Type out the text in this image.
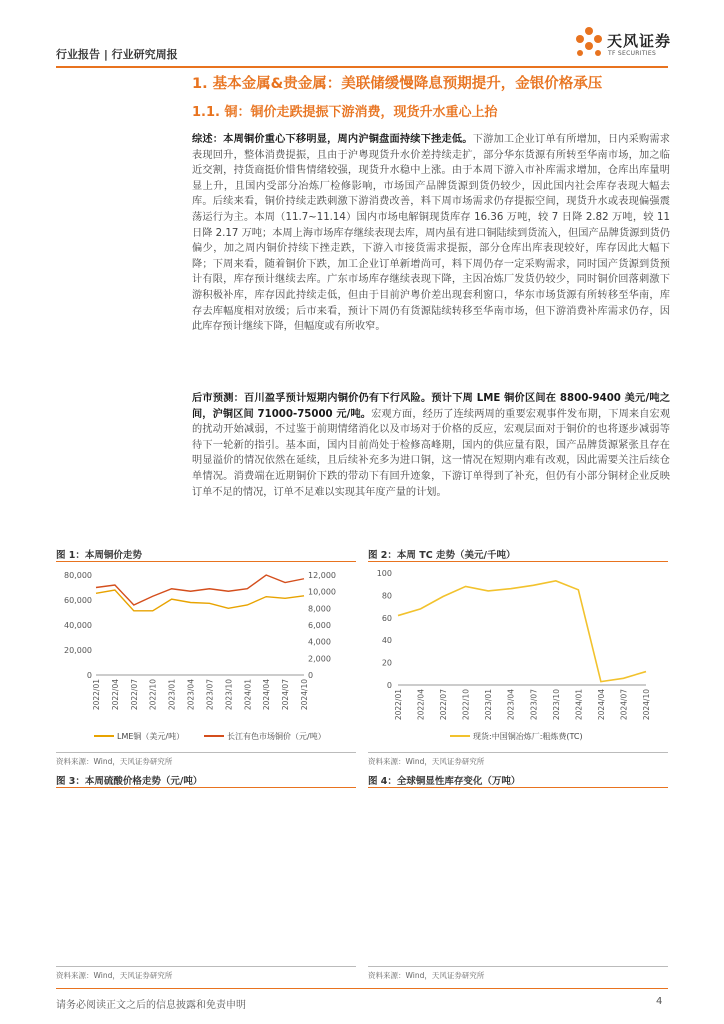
行业报告 | 行业研究周报
天风证券
TF SECURITIES
1. 基本金属&贵金属：美联储缓慢降息预期提升，金银价格承压
1.1. 铜：铜价走跌提振下游消费，现货升水重心上抬
综述：本周铜价重心下移明显，周内沪铜盘面持续下挫走低。下游加工企业订单有所增加，日内采购需求表现回升，整体消费提振，且由于沪粤现货升水价差持续走扩，部分华东货源有所转至华南市场，加之临近交割，持货商挺价惜售情绪较强，现货升水稳中上涨。由于本周下游入市补库需求增加，仓库出库量明显上升，且国内受部分冶炼厂检修影响，市场国产品牌货源到货仍较少，因此国内社会库存表现大幅去库。后续来看，铜价持续走跌刺激下游消费改善，料下周市场需求仍存提振空间，现货升水或表现偏强震荡运行为主。本周（11.7~11.14）国内市场电解铜现货库存 16.36 万吨，较 7 日降 2.82 万吨，较 11 日降 2.17 万吨；本周上海市场库存继续表现去库，周内虽有进口铜陆续到货流入，但国产品牌货源到货仍偏少，加之周内铜价持续下挫走跌，下游入市接货需求提振，部分仓库出库表现较好，库存因此大幅下降；下周来看，随着铜价下跌，加工企业订单新增尚可，料下周仍存一定采购需求，同时国产货源到货预计有限，库存预计继续去库。广东市场库存继续表现下降，主因冶炼厂发货仍较少，同时铜价回落刺激下游积极补库，库存因此持续走低，但由于目前沪粤价差出现套利窗口，华东市场货源有所转移至华南，库存去库幅度相对放缓；后市来看，预计下周仍有货源陆续转移至华南市场，但下游消费补库需求仍存，因此库存预计继续下降，但幅度或有所收窄。
后市预测：百川盈孚预计短期内铜价仍有下行风险。预计下周 LME 铜价区间在 8800-9400 美元/吨之间，沪铜区间 71000-75000 元/吨。宏观方面，经历了连续两周的重要宏观事件发布期，下周来自宏观的扰动开始减弱，不过鉴于前期情绪消化以及市场对于价格的反应，宏观层面对于铜价的也将逐步减弱等待下一轮新的指引。基本面，国内目前尚处于检修高峰期，国内的供应量有限，国产品牌货源紧张且存在明显溢价的情况依然在延续，且后续补充多为进口铜，这一情况在短期内难有改观，因此需要关注后续仓单情况。消费端在近期铜价下跌的带动下有回升迹象，下游订单得到了补充，但仍有小部分铜材企业反映订单不足的情况，订单不足难以实现其年度产量的计划。
图 1：本周铜价走势
80,000
60,000
40,000
20,000
0
12,000
10,000
8,000
6,000
4,000
2,000
0
2022/01 2022/04 2022/07 2022/10 2023/01 2023/04 2023/07 2023/10 2024/01 2024/04 2024/07 2024/10
LME铜（美元/吨）	长江有色市场铜价（元/吨）
资料来源：Wind，天风证券研究所
图 2：本周 TC 走势（美元/千吨）
100
80
60
40
20
0
2022/01 2022/04 2022/07 2022/10 2023/01 2023/04 2023/07 2023/10 2024/01 2024/04 2024/07 2024/10
现货:中国铜冶炼厂:粗炼费(TC)
资料来源：Wind，天风证券研究所
图 3：本周硫酸价格走势（元/吨）
资料来源：Wind，天风证券研究所
图 4：全球铜显性库存变化（万吨）
资料来源：Wind，天风证券研究所
请务必阅读正文之后的信息披露和免责申明	4
